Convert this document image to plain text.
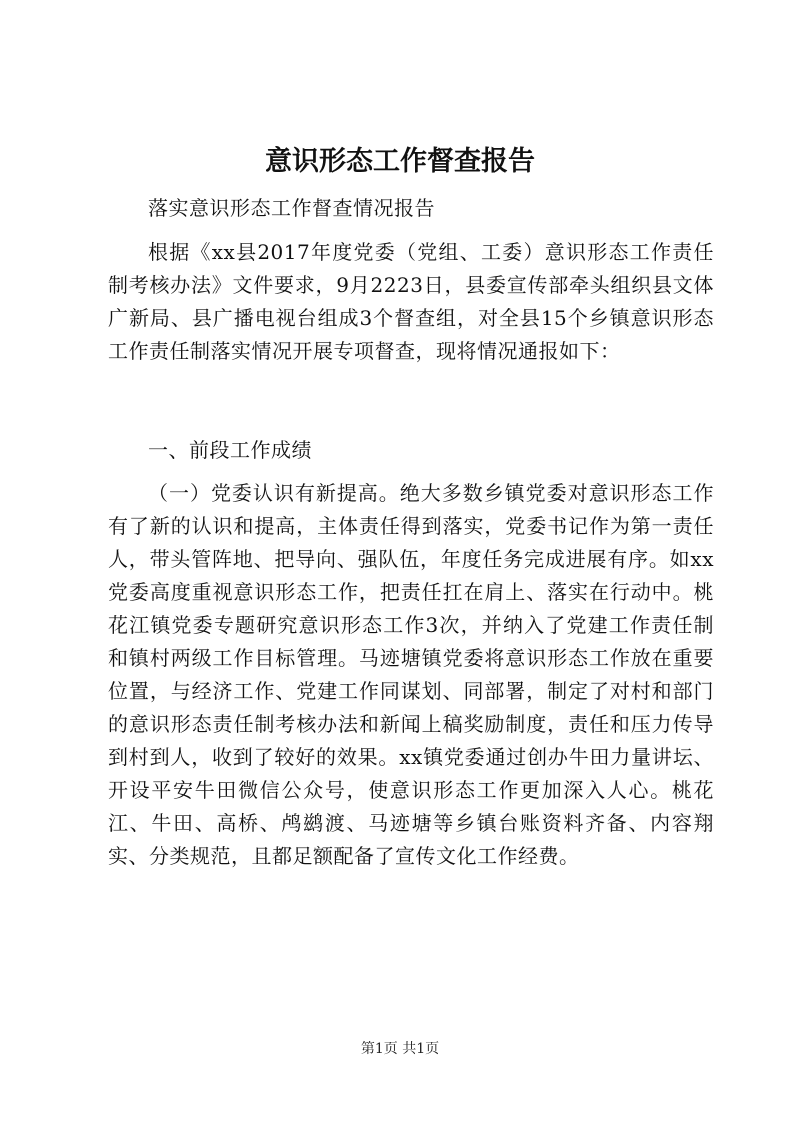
意识形态工作督查报告

落实意识形态工作督查情况报告

根据《xx县2017年度党委（党组、工委）意识形态工作责任制考核办法》文件要求，9月2223日，县委宣传部牵头组织县文体广新局、县广播电视台组成3个督查组，对全县15个乡镇意识形态工作责任制落实情况开展专项督查，现将情况通报如下：

一、前段工作成绩

（一）党委认识有新提高。绝大多数乡镇党委对意识形态工作有了新的认识和提高，主体责任得到落实，党委书记作为第一责任人，带头管阵地、把导向、强队伍，年度任务完成进展有序。如xx党委高度重视意识形态工作，把责任扛在肩上、落实在行动中。桃花江镇党委专题研究意识形态工作3次，并纳入了党建工作责任制和镇村两级工作目标管理。马迹塘镇党委将意识形态工作放在重要位置，与经济工作、党建工作同谋划、同部署，制定了对村和部门的意识形态责任制考核办法和新闻上稿奖励制度，责任和压力传导到村到人，收到了较好的效果。xx镇党委通过创办牛田力量讲坛、开设平安牛田微信公众号，使意识形态工作更加深入人心。桃花江、牛田、高桥、鸬鹚渡、马迹塘等乡镇台账资料齐备、内容翔实、分类规范，且都足额配备了宣传文化工作经费。

第1页 共1页
